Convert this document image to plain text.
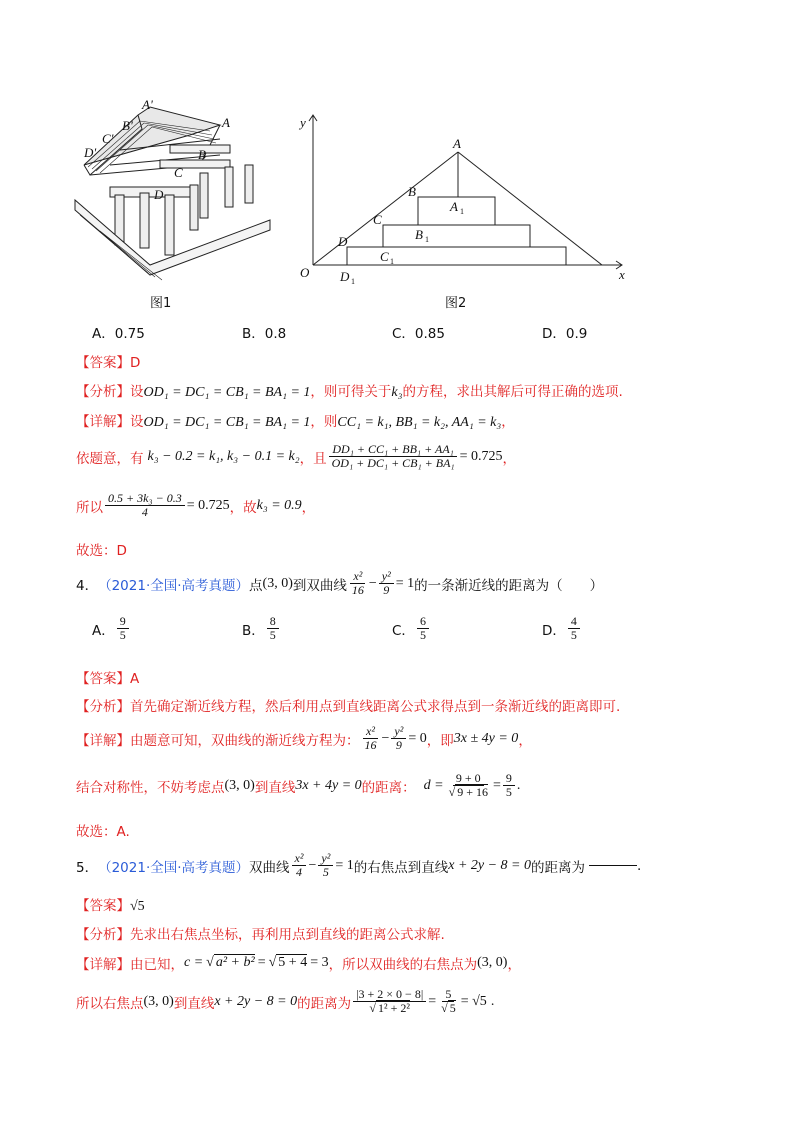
A'
A
B'
C'
D'	B
C
D
图1
y
x
O
A
B
C
D
A
B
C
D
1
1
1
1
图2
A．0.75	B．0.8	C．0.85	D．0.9
【答案】D
【分析】设OD₁ = DC₁ = CB₁ = BA₁ = 1，则可得关于k₃的方程，求出其解后可得正确的选项.
【详解】设OD₁ = DC₁ = CB₁ = BA₁ = 1，则CC₁ = k₁, BB₁ = k₂, AA₁ = k₃，
依题意，有 k₃ − 0.2 = k₁, k₃ − 0.1 = k₂ ，且 $\frac{\text{DD₁ + CC₁ + BB₁ + AA₁}}{\text{OD₁ + DC₁ + CB₁ + BA₁}} = 0.725$ ，
所以 $\frac{\text{0.5 + 3k₃ − 0.3}}{4} = 0.725$ ，故 k₃ = 0.9 ，
故选：D
4． （2021·全国·高考真题） 点 (3, 0) 到双曲线 $\frac{\text{x²}}{16} - \frac{\text{y²}}{9} = 1$ 的一条渐近线的距离为（　　）
A． $\frac{9}{5}$	B． $\frac{8}{5}$	C． $\frac{6}{5}$	D． $\frac{4}{5}$
【答案】A
【分析】首先确定渐近线方程，然后利用点到直线距离公式求得点到一条渐近线的距离即可.
【详解】 由题意可知，双曲线的渐近线方程为： $\frac{\text{x²}}{16} - \frac{\text{y²}}{9} = 0$ ，即 3x ± 4y = 0 ，
结合对称性，不妨考虑点 (3, 0) 到直线 3x + 4y = 0 的距离： $d = \frac{9 + 0}{√ 9 + 16} = \frac{9}{5}$ .
故选：A.
5． （2021·全国·高考真题） 双曲线 $\frac{\text{x²}}{4} - \frac{\text{y²}}{5} = 1$ 的右焦点到直线 x + 2y − 8 = 0 的距离为	.
【答案】√5
【分析】先求出右焦点坐标，再利用点到直线的距离公式求解.
【详解】 由已知， c = √ a² + b² = √ 5 + 4 = 3 ，所以双曲线的右焦点为 (3, 0) ，
所以右焦点 (3, 0) 到直线 x + 2y − 8 = 0 的距离为 $\frac{|3 + 2 \times 0 - 8|}{\text{√ 1² + 2²}} = \frac{5}{√ 5} = √5$ .
